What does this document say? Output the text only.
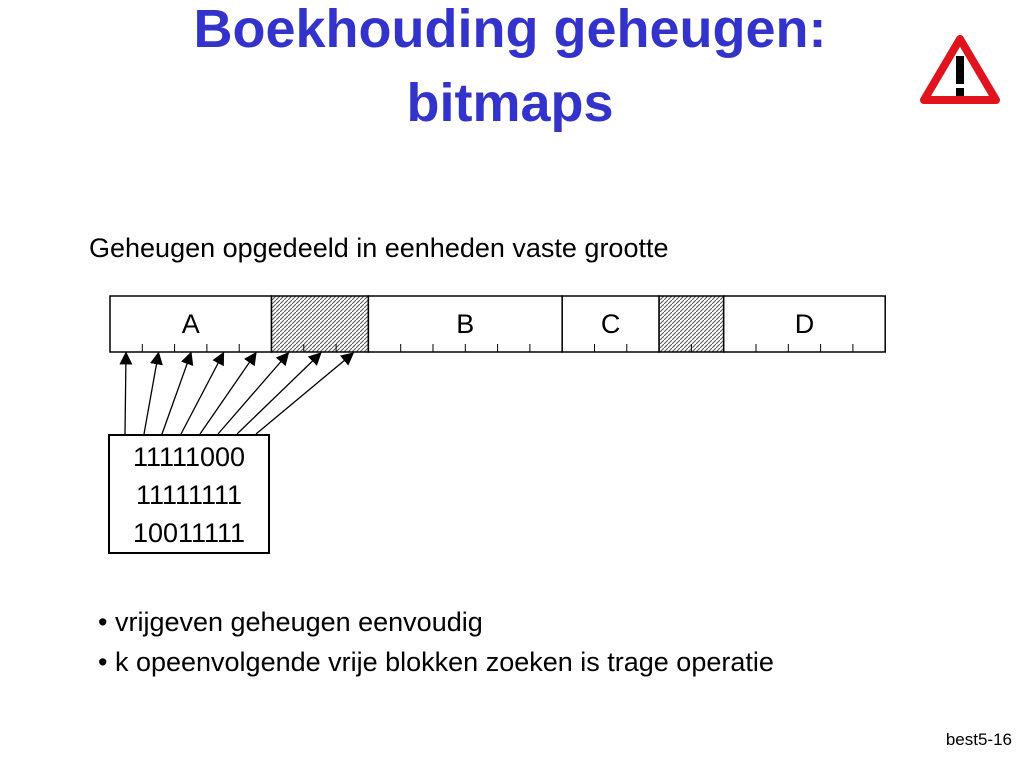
Boekhouding geheugen:
bitmaps
Geheugen opgedeeld in eenheden vaste grootte
A	B	C	D
11111000
11111111
10011111
• vrijgeven geheugen eenvoudig
• k opeenvolgende vrije blokken zoeken is trage operatie
best5-16
